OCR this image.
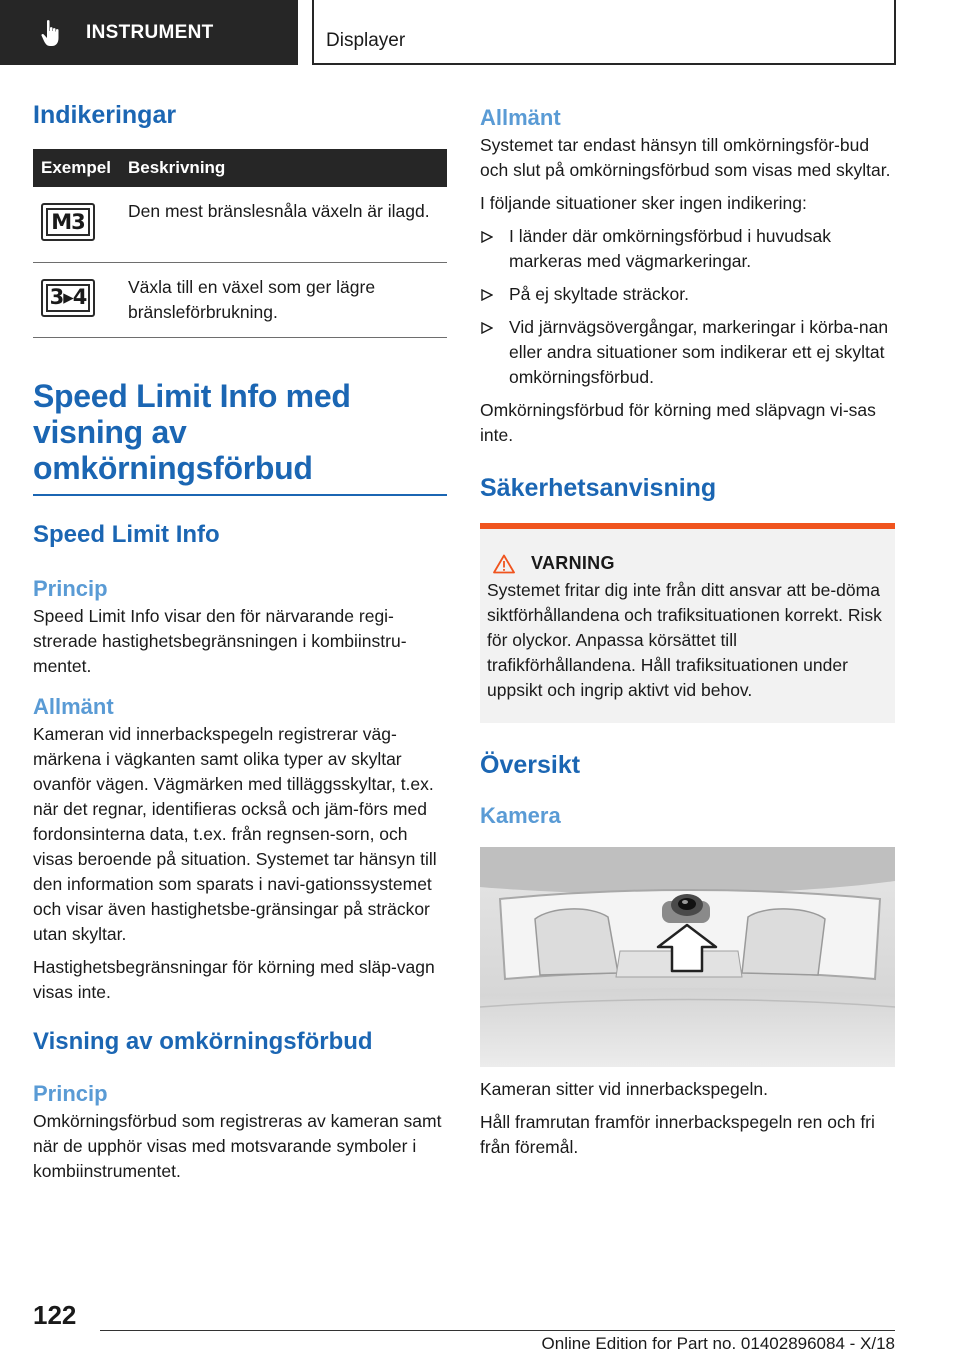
INSTRUMENT	Displayer
Indikeringar
Exempel	Beskrivning

M3	Den mest bränslesnåla växeln är ilagd.

3▸4	Växla till en växel som ger lägre bränsleförbrukning.
Speed Limit Info med visning av omkörningsförbud
Speed Limit Info
Princip

Speed Limit Info visar den för närvarande regi-strerade hastighetsbegränsningen i kombiinstru-mentet.

Allmänt

Kameran vid innerbackspegeln registrerar väg-märkena i vägkanten samt olika typer av skyltar ovanför vägen. Vägmärken med tilläggsskyltar, t.ex. när det regnar, identifieras också och jäm-förs med fordonsinterna data, t.ex. från regnsen-sorn, och visas beroende på situation. Systemet tar hänsyn till den information som sparats i navi-gationssystemet och visar även hastighetsbe-gränsingar på sträckor utan skyltar.

Hastighetsbegränsningar för körning med släp-vagn visas inte.

Visning av omkörningsförbud
Princip

Omkörningsförbud som registreras av kameran samt när de upphör visas med motsvarande symboler i kombiinstrumentet.

Allmänt

Systemet tar endast hänsyn till omkörningsför-bud och slut på omkörningsförbud som visas med skyltar.

I följande situationer sker ingen indikering:

I länder där omkörningsförbud i huvudsak markeras med vägmarkeringar.
På ej skyltade sträckor.
Vid järnvägsövergångar, markeringar i körba-nan eller andra situationer som indikerar ett ej skyltat omkörningsförbud.

Omkörningsförbud för körning med släpvagn vi-sas inte.

Säkerhetsanvisning
VARNING

Systemet fritar dig inte från ditt ansvar att be-döma siktförhållandena och trafiksituationen korrekt. Risk för olyckor. Anpassa körsättet till trafikförhållandena. Håll trafiksituationen under uppsikt och ingrip aktivt vid behov.

Översikt
Kamera

Kameran sitter vid innerbackspegeln.

Håll framrutan framför innerbackspegeln ren och fri från föremål.

122
Online Edition for Part no. 01402896084 - X/18
